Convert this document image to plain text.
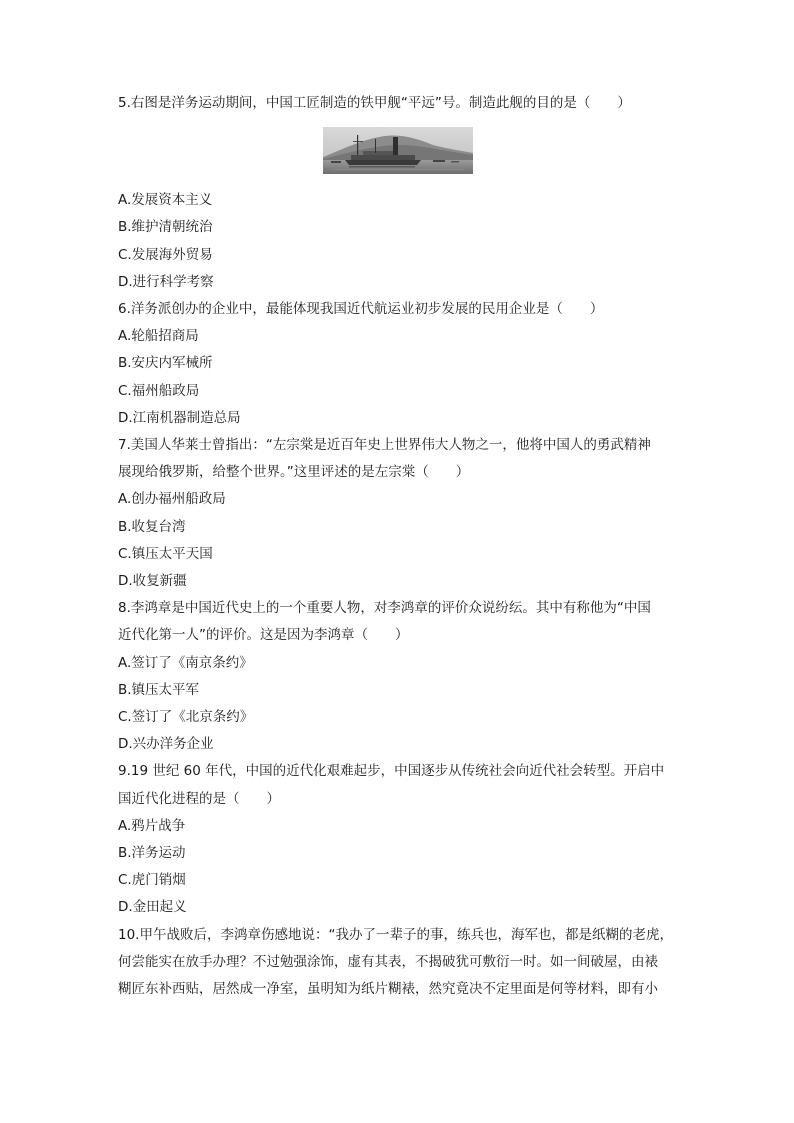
5.右图是洋务运动期间，中国工匠制造的铁甲舰“平远”号。制造此舰的目的是（　　）
A.发展资本主义
B.维护清朝统治
C.发展海外贸易
D.进行科学考察
6.洋务派创办的企业中，最能体现我国近代航运业初步发展的民用企业是（　　）
A.轮船招商局
B.安庆内军械所
C.福州船政局
D.江南机器制造总局
7.美国人华莱士曾指出：“左宗棠是近百年史上世界伟大人物之一，他将中国人的勇武精神
展现给俄罗斯，给整个世界。”这里评述的是左宗棠（　　）
A.创办福州船政局
B.收复台湾
C.镇压太平天国
D.收复新疆
8.李鸿章是中国近代史上的一个重要人物，对李鸿章的评价众说纷纭。其中有称他为“中国
近代化第一人”的评价。这是因为李鸿章（　　）
A.签订了《南京条约》
B.镇压太平军
C.签订了《北京条约》
D.兴办洋务企业
9.19 世纪 60 年代，中国的近代化艰难起步，中国逐步从传统社会向近代社会转型。开启中
国近代化进程的是（　　）
A.鸦片战争
B.洋务运动
C.虎门销烟
D.金田起义
10.甲午战败后，李鸿章伤感地说：“我办了一辈子的事，练兵也，海军也，都是纸糊的老虎，
何尝能实在放手办理？不过勉强涂饰，虚有其表，不揭破犹可敷衍一时。如一间破屋，由裱
糊匠东补西贴，居然成一净室，虽明知为纸片糊裱，然究竟决不定里面是何等材料，即有小
